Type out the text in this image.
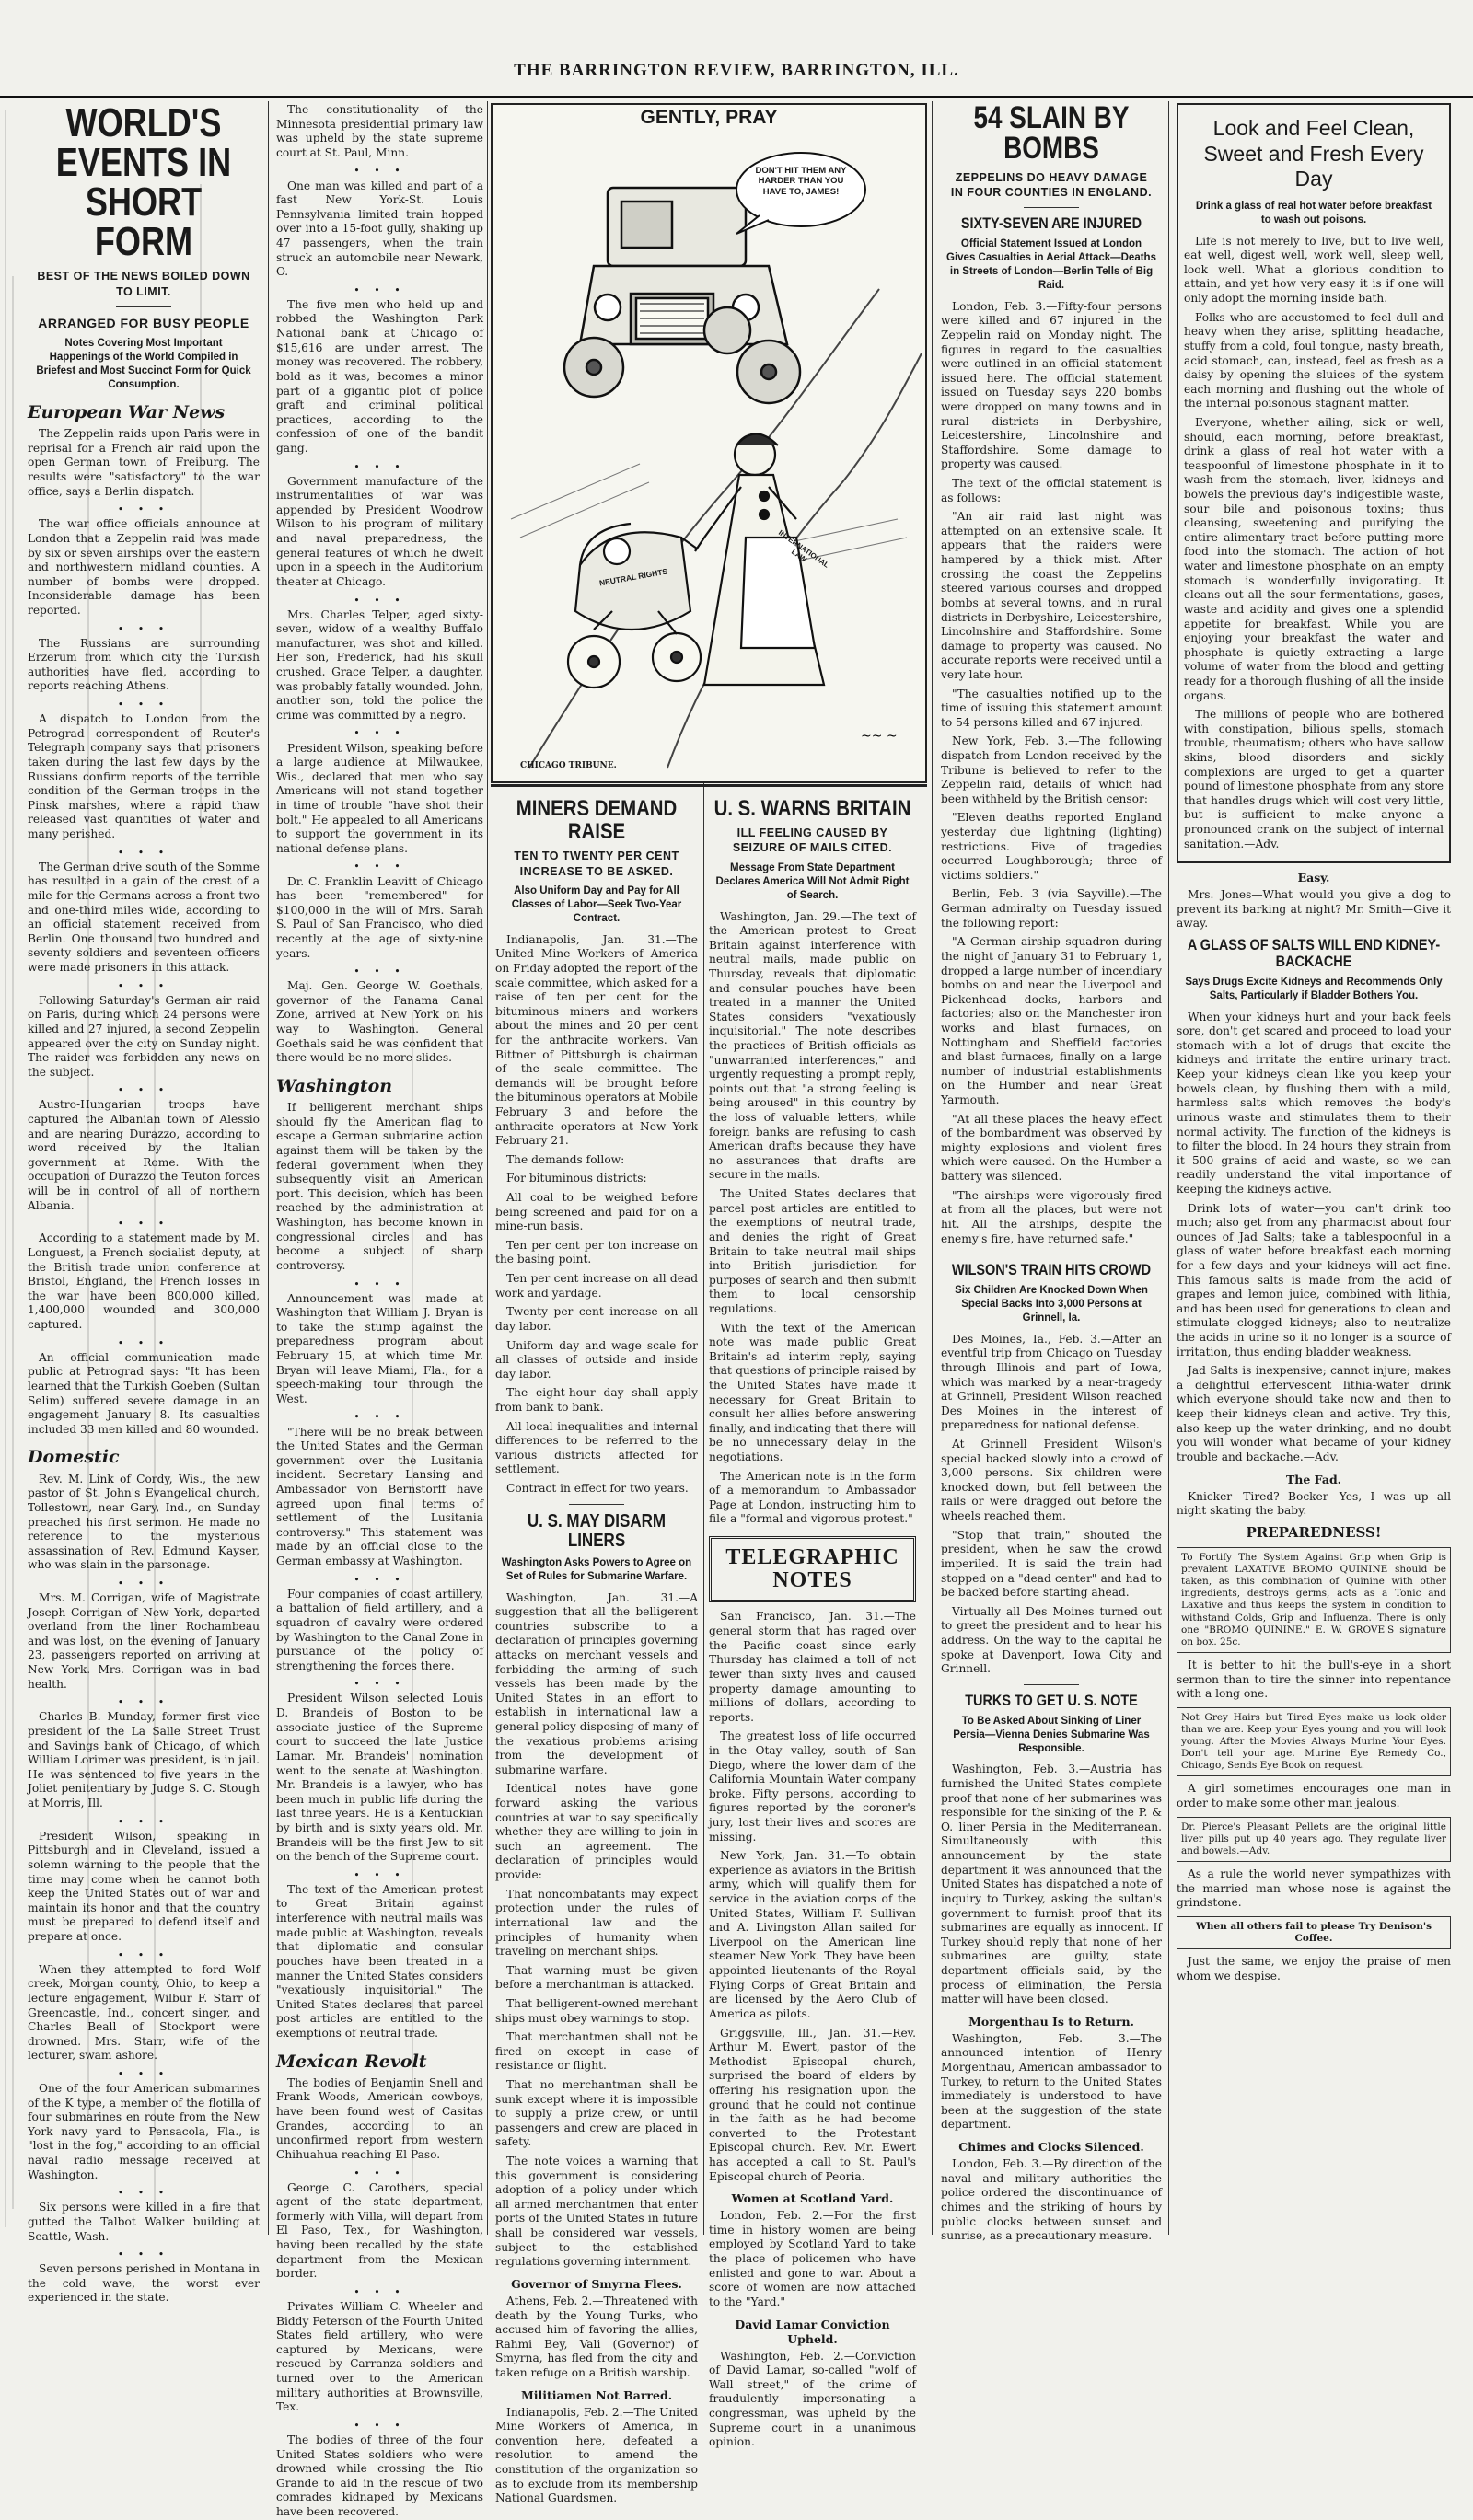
THE BARRINGTON REVIEW, BARRINGTON, ILL.
WORLD'S EVENTS IN SHORT FORM
BEST OF THE NEWS BOILED DOWN TO LIMIT.
ARRANGED FOR BUSY PEOPLE
Notes Covering Most Important Happenings of the World Compiled in Briefest and Most Succinct Form for Quick Consumption.
European War News
The Zeppelin raids upon Paris were in reprisal for a French air raid upon the open German town of Freiburg. The results were "satisfactory" to the war office, says a Berlin dispatch.
• • •
The war office officials announce at London that a Zeppelin raid was made by six or seven airships over the eastern and northwestern midland counties. A number of bombs were dropped. Inconsiderable damage has been reported.
• • •
The Russians are surrounding Erzerum from which city the Turkish authorities have fled, according to reports reaching Athens.
• • •
A dispatch to London from the Petrograd correspondent of Reuter's Telegraph company says that prisoners taken during the last few days by the Russians confirm reports of the terrible condition of the German troops in the Pinsk marshes, where a rapid thaw released vast quantities of water and many perished.
• • •
The German drive south of the Somme has resulted in a gain of the crest of a mile for the Germans across a front two and one-third miles wide, according to an official statement received from Berlin. One thousand two hundred and seventy soldiers and seventeen officers were made prisoners in this attack.
• • •
Following Saturday's German air raid on Paris, during which 24 persons were killed and 27 injured, a second Zeppelin appeared over the city on Sunday night. The raider was forbidden any news on the subject.
• • •
Austro-Hungarian troops have captured the Albanian town of Alessio and are nearing Durazzo, according to word received by the Italian government at Rome. With the occupation of Durazzo the Teuton forces will be in control of all of northern Albania.
• • •
According to a statement made by M. Longuest, a French socialist deputy, at the British trade union conference at Bristol, England, the French losses in the war have been 800,000 killed, 1,400,000 wounded and 300,000 captured.
• • •
An official communication made public at Petrograd says: "It has been learned that the Turkish Goeben (Sultan Selim) suffered severe damage in an engagement January 8. Its casualties included 33 men killed and 80 wounded.
Domestic
Rev. M. Link of Cordy, Wis., the new pastor of St. John's Evangelical church, Tollestown, near Gary, Ind., on Sunday preached his first sermon. He made no reference to the mysterious assassination of Rev. Edmund Kayser, who was slain in the parsonage.
• • •
Mrs. M. Corrigan, wife of Magistrate Joseph Corrigan of New York, departed overland from the liner Rochambeau and was lost, on the evening of January 23, passengers reported on arriving at New York. Mrs. Corrigan was in bad health.
• • •
Charles B. Munday, former first vice president of the La Salle Street Trust and Savings bank of Chicago, of which William Lorimer was president, is in jail. He was sentenced to five years in the Joliet penitentiary by Judge S. C. Stough at Morris, Ill.
• • •
President Wilson, speaking in Pittsburgh and in Cleveland, issued a solemn warning to the people that the time may come when he cannot both keep the United States out of war and maintain its honor and that the country must be prepared to defend itself and prepare at once.
• • •
When they attempted to ford Wolf creek, Morgan county, Ohio, to keep a lecture engagement, Wilbur F. Starr of Greencastle, Ind., concert singer, and Charles Beall of Stockport were drowned. Mrs. Starr, wife of the lecturer, swam ashore.
• • •
One of the four American submarines of the K type, a member of the flotilla of four submarines en route from the New York navy yard to Pensacola, Fla., is "lost in the fog," according to an official naval radio message received at Washington.
• • •
Six persons were killed in a fire that gutted the Talbot Walker building at Seattle, Wash.
• • •
Seven persons perished in Montana in the cold wave, the worst ever experienced in the state.
The constitutionality of the Minnesota presidential primary law was upheld by the state supreme court at St. Paul, Minn.
• • •
One man was killed and part of a fast New York-St. Louis Pennsylvania limited train hopped over into a 15-foot gully, shaking up 47 passengers, when the train struck an automobile near Newark, O.
• • •
The five men who held up and robbed the Washington Park National bank at Chicago of $15,616 are under arrest. The money was recovered. The robbery, bold as it was, becomes a minor part of a gigantic plot of police graft and criminal political practices, according to the confession of one of the bandit gang.
• • •
Government manufacture of the instrumentalities of war was appended by President Woodrow Wilson to his program of military and naval preparedness, the general features of which he dwelt upon in a speech in the Auditorium theater at Chicago.
• • •
Mrs. Charles Telper, aged sixty-seven, widow of a wealthy Buffalo manufacturer, was shot and killed. Her son, Frederick, had his skull crushed. Grace Telper, a daughter, was probably fatally wounded. John, another son, told the police the crime was committed by a negro.
• • •
President Wilson, speaking before a large audience at Milwaukee, Wis., declared that men who say Americans will not stand together in time of trouble "have shot their bolt." He appealed to all Americans to support the government in its national defense plans.
• • •
Dr. C. Franklin Leavitt of Chicago has been "remembered" for $100,000 in the will of Mrs. Sarah S. Paul of San Francisco, who died recently at the age of sixty-nine years.
• • •
Maj. Gen. George W. Goethals, governor of the Panama Canal Zone, arrived at New York on his way to Washington. General Goethals said he was confident that there would be no more slides.
Washington
If belligerent merchant ships should fly the American flag to escape a German submarine action against them will be taken by the federal government when they subsequently visit an American port. This decision, which has been reached by the administration at Washington, has become known in congressional circles and has become a subject of sharp controversy.
• • •
Announcement was made at Washington that William J. Bryan is to take the stump against the preparedness program about February 15, at which time Mr. Bryan will leave Miami, Fla., for a speech-making tour through the West.
• • •
"There will be no break between the United States and the German government over the Lusitania incident. Secretary Lansing and Ambassador von Bernstorff have agreed upon final terms of settlement of the Lusitania controversy." This statement was made by an official close to the German embassy at Washington.
• • •
Four companies of coast artillery, a battalion of field artillery, and a squadron of cavalry were ordered by Washington to the Canal Zone in pursuance of the policy of strengthening the forces there.
• • •
President Wilson selected Louis D. Brandeis of Boston to be associate justice of the Supreme court to succeed the late Justice Lamar. Mr. Brandeis' nomination went to the senate at Washington. Mr. Brandeis is a lawyer, who has been much in public life during the last three years. He is a Kentuckian by birth and is sixty years old. Mr. Brandeis will be the first Jew to sit on the bench of the Supreme court.
• • •
The text of the American protest to Great Britain against interference with neutral mails was made public at Washington, reveals that diplomatic and consular pouches have been treated in a manner the United States considers "vexatiously inquisitorial." The United States declares that parcel post articles are entitled to the exemptions of neutral trade.
Mexican Revolt
The bodies of Benjamin Snell and Frank Woods, American cowboys, have been found west of Casitas Grandes, according to an unconfirmed report from western Chihuahua reaching El Paso.
• • •
George C. Carothers, special agent of the state department, formerly with Villa, will depart from El Paso, Tex., for Washington, having been recalled by the state department from the Mexican border.
• • •
Privates William C. Wheeler and Biddy Peterson of the Fourth United States field artillery, who were captured by Mexicans, were rescued by Carranza soldiers and turned over to the American military authorities at Brownsville, Tex.
• • •
The bodies of three of the four United States soldiers who were drowned while crossing the Rio Grande to aid in the rescue of two comrades kidnaped by Mexicans have been recovered.
GENTLY, PRAY
DON'T HIT THEM ANY HARDER THAN YOU HAVE TO, JAMES!
NEUTRAL RIGHTS
INTERNATIONAL LAW
~~ ~
CHICAGO TRIBUNE.
MINERS DEMAND RAISE
TEN TO TWENTY PER CENT INCREASE TO BE ASKED.
Also Uniform Day and Pay for All Classes of Labor—Seek Two-Year Contract.
Indianapolis, Jan. 31.—The United Mine Workers of America on Friday adopted the report of the scale committee, which asked for a raise of ten per cent for the bituminous miners and workers about the mines and 20 per cent for the anthracite workers. Van Bittner of Pittsburgh is chairman of the scale committee. The demands will be brought before the bituminous operators at Mobile February 3 and before the anthracite operators at New York February 21.
The demands follow:
For bituminous districts:
All coal to be weighed before being screened and paid for on a mine-run basis.
Ten per cent per ton increase on the basing point.
Ten per cent increase on all dead work and yardage.
Twenty per cent increase on all day labor.
Uniform day and wage scale for all classes of outside and inside day labor.
The eight-hour day shall apply from bank to bank.
All local inequalities and internal differences to be referred to the various districts affected for settlement.
Contract in effect for two years.
U. S. MAY DISARM LINERS
Washington Asks Powers to Agree on Set of Rules for Submarine Warfare.
Washington, Jan. 31.—A suggestion that all the belligerent countries subscribe to a declaration of principles governing attacks on merchant vessels and forbidding the arming of such vessels has been made by the United States in an effort to establish in international law a general policy disposing of many of the vexatious problems arising from the development of submarine warfare.
Identical notes have gone forward asking the various countries at war to say specifically whether they are willing to join in such an agreement. The declaration of principles would provide:
That noncombatants may expect protection under the rules of international law and the principles of humanity when traveling on merchant ships.
That warning must be given before a merchantman is attacked.
That belligerent-owned merchant ships must obey warnings to stop.
That merchantmen shall not be fired on except in case of resistance or flight.
That no merchantman shall be sunk except where it is impossible to supply a prize crew, or until passengers and crew are placed in safety.
The note voices a warning that this government is considering adoption of a policy under which all armed merchantmen that enter ports of the United States in future shall be considered war vessels, subject to the established regulations governing internment.
Governor of Smyrna Flees.
Athens, Feb. 2.—Threatened with death by the Young Turks, who accused him of favoring the allies, Rahmi Bey, Vali (Governor) of Smyrna, has fled from the city and taken refuge on a British warship.
Militiamen Not Barred.
Indianapolis, Feb. 2.—The United Mine Workers of America, in convention here, defeated a resolution to amend the constitution of the organization so as to exclude from its membership National Guardsmen.
U. S. WARNS BRITAIN
ILL FEELING CAUSED BY SEIZURE OF MAILS CITED.
Message From State Department Declares America Will Not Admit Right of Search.
Washington, Jan. 29.—The text of the American protest to Great Britain against interference with neutral mails, made public on Thursday, reveals that diplomatic and consular pouches have been treated in a manner the United States considers "vexatiously inquisitorial." The note describes the practices of British officials as "unwarranted interferences," and urgently requesting a prompt reply, points out that "a strong feeling is being aroused" in this country by the loss of valuable letters, while foreign banks are refusing to cash American drafts because they have no assurances that drafts are secure in the mails.
The United States declares that parcel post articles are entitled to the exemptions of neutral trade, and denies the right of Great Britain to take neutral mail ships into British jurisdiction for purposes of search and then submit them to local censorship regulations.
With the text of the American note was made public Great Britain's ad interim reply, saying that questions of principle raised by the United States have made it necessary for Great Britain to consult her allies before answering finally, and indicating that there will be no unnecessary delay in the negotiations.
The American note is in the form of a memorandum to Ambassador Page at London, instructing him to file a "formal and vigorous protest."
TELEGRAPHIC NOTES
San Francisco, Jan. 31.—The general storm that has raged over the Pacific coast since early Thursday has claimed a toll of not fewer than sixty lives and caused property damage amounting to millions of dollars, according to reports.
The greatest loss of life occurred in the Otay valley, south of San Diego, where the lower dam of the California Mountain Water company broke. Fifty persons, according to figures reported by the coroner's jury, lost their lives and scores are missing.
New York, Jan. 31.—To obtain experience as aviators in the British army, which will qualify them for service in the aviation corps of the United States, William F. Sullivan and A. Livingston Allan sailed for Liverpool on the American line steamer New York. They have been appointed lieutenants of the Royal Flying Corps of Great Britain and are licensed by the Aero Club of America as pilots.
Griggsville, Ill., Jan. 31.—Rev. Arthur M. Ewert, pastor of the Methodist Episcopal church, surprised the board of elders by offering his resignation upon the ground that he could not continue in the faith as he had become converted to the Protestant Episcopal church. Rev. Mr. Ewert has accepted a call to St. Paul's Episcopal church of Peoria.
Women at Scotland Yard.
London, Feb. 2.—For the first time in history women are being employed by Scotland Yard to take the place of policemen who have enlisted and gone to war. About a score of women are now attached to the "Yard."
David Lamar Conviction Upheld.
Washington, Feb. 2.—Conviction of David Lamar, so-called "wolf of Wall street," of the crime of fraudulently impersonating a congressman, was upheld by the Supreme court in a unanimous opinion.
54 SLAIN BY BOMBS
ZEPPELINS DO HEAVY DAMAGE IN FOUR COUNTIES IN ENGLAND.
SIXTY-SEVEN ARE INJURED
Official Statement Issued at London Gives Casualties in Aerial Attack—Deaths in Streets of London—Berlin Tells of Big Raid.
London, Feb. 3.—Fifty-four persons were killed and 67 injured in the Zeppelin raid on Monday night. The figures in regard to the casualties were outlined in an official statement issued here. The official statement issued on Tuesday says 220 bombs were dropped on many towns and in rural districts in Derbyshire, Leicestershire, Lincolnshire and Staffordshire. Some damage to property was caused.
The text of the official statement is as follows:
"An air raid last night was attempted on an extensive scale. It appears that the raiders were hampered by a thick mist. After crossing the coast the Zeppelins steered various courses and dropped bombs at several towns, and in rural districts in Derbyshire, Leicestershire, Lincolnshire and Staffordshire. Some damage to property was caused. No accurate reports were received until a very late hour.
"The casualties notified up to the time of issuing this statement amount to 54 persons killed and 67 injured.
New York, Feb. 3.—The following dispatch from London received by the Tribune is believed to refer to the Zeppelin raid, details of which had been withheld by the British censor:
"Eleven deaths reported England yesterday due lightning (lighting) restrictions. Five of tragedies occurred Loughborough; three of victims soldiers."
Berlin, Feb. 3 (via Sayville).—The German admiralty on Tuesday issued the following report:
"A German airship squadron during the night of January 31 to February 1, dropped a large number of incendiary bombs on and near the Liverpool and Pickenhead docks, harbors and factories; also on the Manchester iron works and blast furnaces, on Nottingham and Sheffield factories and blast furnaces, finally on a large number of industrial establishments on the Humber and near Great Yarmouth.
"At all these places the heavy effect of the bombardment was observed by mighty explosions and violent fires which were caused. On the Humber a battery was silenced.
"The airships were vigorously fired at from all the places, but were not hit. All the airships, despite the enemy's fire, have returned safe."
WILSON'S TRAIN HITS CROWD
Six Children Are Knocked Down When Special Backs Into 3,000 Persons at Grinnell, Ia.
Des Moines, Ia., Feb. 3.—After an eventful trip from Chicago on Tuesday through Illinois and part of Iowa, which was marked by a near-tragedy at Grinnell, President Wilson reached Des Moines in the interest of preparedness for national defense.
At Grinnell President Wilson's special backed slowly into a crowd of 3,000 persons. Six children were knocked down, but fell between the rails or were dragged out before the wheels reached them.
"Stop that train," shouted the president, when he saw the crowd imperiled. It is said the train had stopped on a "dead center" and had to be backed before starting ahead.
Virtually all Des Moines turned out to greet the president and to hear his address. On the way to the capital he spoke at Davenport, Iowa City and Grinnell.
TURKS TO GET U. S. NOTE
To Be Asked About Sinking of Liner Persia—Vienna Denies Submarine Was Responsible.
Washington, Feb. 3.—Austria has furnished the United States complete proof that none of her submarines was responsible for the sinking of the P. & O. liner Persia in the Mediterranean. Simultaneously with this announcement by the state department it was announced that the United States has dispatched a note of inquiry to Turkey, asking the sultan's government to furnish proof that its submarines are equally as innocent. If Turkey should reply that none of her submarines are guilty, state department officials said, by the process of elimination, the Persia matter will have been closed.
Morgenthau Is to Return.
Washington, Feb. 3.—The announced intention of Henry Morgenthau, American ambassador to Turkey, to return to the United States immediately is understood to have been at the suggestion of the state department.
Chimes and Clocks Silenced.
London, Feb. 3.—By direction of the naval and military authorities the police ordered the discontinuance of chimes and the striking of hours by public clocks between sunset and sunrise, as a precautionary measure.
Look and Feel Clean, Sweet and Fresh Every Day
Drink a glass of real hot water before breakfast to wash out poisons.
Life is not merely to live, but to live well, eat well, digest well, work well, sleep well, look well. What a glorious condition to attain, and yet how very easy it is if one will only adopt the morning inside bath.
Folks who are accustomed to feel dull and heavy when they arise, splitting headache, stuffy from a cold, foul tongue, nasty breath, acid stomach, can, instead, feel as fresh as a daisy by opening the sluices of the system each morning and flushing out the whole of the internal poisonous stagnant matter.
Everyone, whether ailing, sick or well, should, each morning, before breakfast, drink a glass of real hot water with a teaspoonful of limestone phosphate in it to wash from the stomach, liver, kidneys and bowels the previous day's indigestible waste, sour bile and poisonous toxins; thus cleansing, sweetening and purifying the entire alimentary tract before putting more food into the stomach. The action of hot water and limestone phosphate on an empty stomach is wonderfully invigorating. It cleans out all the sour fermentations, gases, waste and acidity and gives one a splendid appetite for breakfast. While you are enjoying your breakfast the water and phosphate is quietly extracting a large volume of water from the blood and getting ready for a thorough flushing of all the inside organs.
The millions of people who are bothered with constipation, bilious spells, stomach trouble, rheumatism; others who have sallow skins, blood disorders and sickly complexions are urged to get a quarter pound of limestone phosphate from any store that handles drugs which will cost very little, but is sufficient to make anyone a pronounced crank on the subject of internal sanitation.—Adv.
Easy.
Mrs. Jones—What would you give a dog to prevent its barking at night? Mr. Smith—Give it away.
A GLASS OF SALTS WILL END KIDNEY-BACKACHE
Says Drugs Excite Kidneys and Recommends Only Salts, Particularly if Bladder Bothers You.
When your kidneys hurt and your back feels sore, don't get scared and proceed to load your stomach with a lot of drugs that excite the kidneys and irritate the entire urinary tract. Keep your kidneys clean like you keep your bowels clean, by flushing them with a mild, harmless salts which removes the body's urinous waste and stimulates them to their normal activity. The function of the kidneys is to filter the blood. In 24 hours they strain from it 500 grains of acid and waste, so we can readily understand the vital importance of keeping the kidneys active.
Drink lots of water—you can't drink too much; also get from any pharmacist about four ounces of Jad Salts; take a tablespoonful in a glass of water before breakfast each morning for a few days and your kidneys will act fine. This famous salts is made from the acid of grapes and lemon juice, combined with lithia, and has been used for generations to clean and stimulate clogged kidneys; also to neutralize the acids in urine so it no longer is a source of irritation, thus ending bladder weakness.
Jad Salts is inexpensive; cannot injure; makes a delightful effervescent lithia-water drink which everyone should take now and then to keep their kidneys clean and active. Try this, also keep up the water drinking, and no doubt you will wonder what became of your kidney trouble and backache.—Adv.
The Fad.
Knicker—Tired? Bocker—Yes, I was up all night skating the baby.
PREPAREDNESS!
To Fortify The System Against Grip when Grip is prevalent LAXATIVE BROMO QUININE should be taken, as this combination of Quinine with other ingredients, destroys germs, acts as a Tonic and Laxative and thus keeps the system in condition to withstand Colds, Grip and Influenza. There is only one "BROMO QUININE." E. W. GROVE'S signature on box. 25c.
It is better to hit the bull's-eye in a short sermon than to tire the sinner into repentance with a long one.
Not Grey Hairs but Tired Eyes make us look older than we are. Keep your Eyes young and you will look young. After the Movies Always Murine Your Eyes. Don't tell your age. Murine Eye Remedy Co., Chicago, Sends Eye Book on request.
A girl sometimes encourages one man in order to make some other man jealous.
Dr. Pierce's Pleasant Pellets are the original little liver pills put up 40 years ago. They regulate liver and bowels.—Adv.
As a rule the world never sympathizes with the married man whose nose is against the grindstone.
When all others fail to please Try Denison's Coffee.
Just the same, we enjoy the praise of men whom we despise.
